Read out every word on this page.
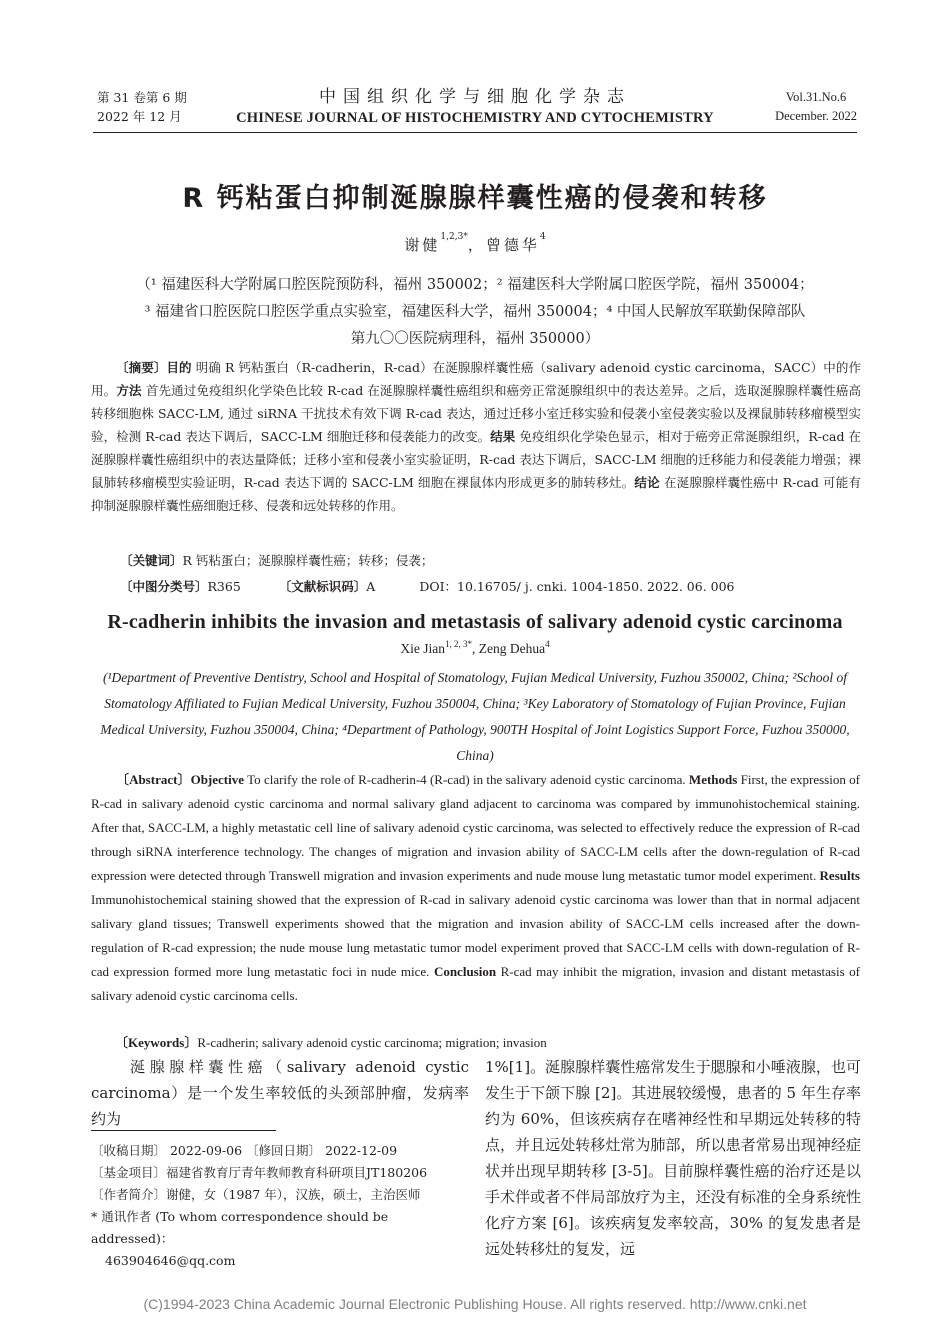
第 31 卷第 6 期
2022 年 12 月
中国组织化学与细胞化学杂志
CHINESE JOURNAL OF HISTOCHEMISTRY AND CYTOCHEMISTRY
Vol.31.No.6
December. 2022
R 钙粘蛋白抑制涎腺腺样囊性癌的侵袭和转移
谢健$^{1,2,3*}$，曾德华$^4$
（¹ 福建医科大学附属口腔医院预防科，福州 350002；² 福建医科大学附属口腔医学院，福州 350004；
³ 福建省口腔医院口腔医学重点实验室，福建医科大学，福州 350004；⁴ 中国人民解放军联勤保障部队
第九〇〇医院病理科，福州 350000）
〔摘要〕目的 明确 R 钙粘蛋白（R-cadherin，R-cad）在涎腺腺样囊性癌（salivary adenoid cystic carcinoma，SACC）中的作用。方法 首先通过免疫组织化学染色比较 R-cad 在涎腺腺样囊性癌组织和癌旁正常涎腺组织中的表达差异。之后，选取涎腺腺样囊性癌高转移细胞株 SACC-LM, 通过 siRNA 干扰技术有效下调 R-cad 表达，通过迁移小室迁移实验和侵袭小室侵袭实验以及裸鼠肺转移瘤模型实验，检测 R-cad 表达下调后，SACC-LM 细胞迁移和侵袭能力的改变。结果 免疫组织化学染色显示，相对于癌旁正常涎腺组织，R-cad 在涎腺腺样囊性癌组织中的表达量降低；迁移小室和侵袭小室实验证明，R-cad 表达下调后，SACC-LM 细胞的迁移能力和侵袭能力增强；裸鼠肺转移瘤模型实验证明，R-cad 表达下调的 SACC-LM 细胞在裸鼠体内形成更多的肺转移灶。结论 在涎腺腺样囊性癌中 R-cad 可能有抑制涎腺腺样囊性癌细胞迁移、侵袭和远处转移的作用。
〔关键词〕R 钙粘蛋白；涎腺腺样囊性癌；转移；侵袭；
〔中图分类号〕R365	〔文献标识码〕A	DOI：10.16705/ j. cnki. 1004-1850. 2022. 06. 006
R-cadherin inhibits the invasion and metastasis of salivary adenoid cystic carcinoma
Xie Jian$^{1, 2, 3*}$, Zeng Dehua$^4$
(¹Department of Preventive Dentistry, School and Hospital of Stomatology, Fujian Medical University, Fuzhou 350002, China; ²School of Stomatology Affiliated to Fujian Medical University, Fuzhou 350004, China; ³Key Laboratory of Stomatology of Fujian Province, Fujian Medical University, Fuzhou 350004, China; ⁴Department of Pathology, 900TH Hospital of Joint Logistics Support Force, Fuzhou 350000, China)
〔Abstract〕Objective To clarify the role of R-cadherin-4 (R-cad) in the salivary adenoid cystic carcinoma. Methods First, the expression of R-cad in salivary adenoid cystic carcinoma and normal salivary gland adjacent to carcinoma was compared by immunohistochemical staining. After that, SACC-LM, a highly metastatic cell line of salivary adenoid cystic carcinoma, was selected to effectively reduce the expression of R-cad through siRNA interference technology. The changes of migration and invasion ability of SACC-LM cells after the down-regulation of R-cad expression were detected through Transwell migration and invasion experiments and nude mouse lung metastatic tumor model experiment. Results Immunohistochemical staining showed that the expression of R-cad in salivary adenoid cystic carcinoma was lower than that in normal adjacent salivary gland tissues; Transwell experiments showed that the migration and invasion ability of SACC-LM cells increased after the down-regulation of R-cad expression; the nude mouse lung metastatic tumor model experiment proved that SACC-LM cells with down-regulation of R-cad expression formed more lung metastatic foci in nude mice. Conclusion R-cad may inhibit the migration, invasion and distant metastasis of salivary adenoid cystic carcinoma cells.
〔Keywords〕R-cadherin; salivary adenoid cystic carcinoma; migration; invasion
　　涎腺腺样囊性癌（salivary adenoid cystic carcinoma）是一个发生率较低的头颈部肿瘤，发病率约为
1%[1]。涎腺腺样囊性癌常发生于腮腺和小唾液腺，也可发生于下颌下腺 [2]。其进展较缓慢，患者的 5 年生存率约为 60%，但该疾病存在嗜神经性和早期远处转移的特点，并且远处转移灶常为肺部，所以患者常易出现神经症状并出现早期转移 [3-5]。目前腺样囊性癌的治疗还是以手术伴或者不伴局部放疗为主，还没有标准的全身系统性化疗方案 [6]。该疾病复发率较高，30% 的复发患者是远处转移灶的复发，远
〔收稿日期〕 2022-09-06 〔修回日期〕 2022-12-09
〔基金项目〕福建省教育厅青年教师教育科研项目JT180206
〔作者简介〕谢健，女（1987 年），汉族，硕士，主治医师
* 通讯作者 (To whom correspondence should be addressed)：
463904646@qq.com
(C)1994-2023 China Academic Journal Electronic Publishing House. All rights reserved. http://www.cnki.net
